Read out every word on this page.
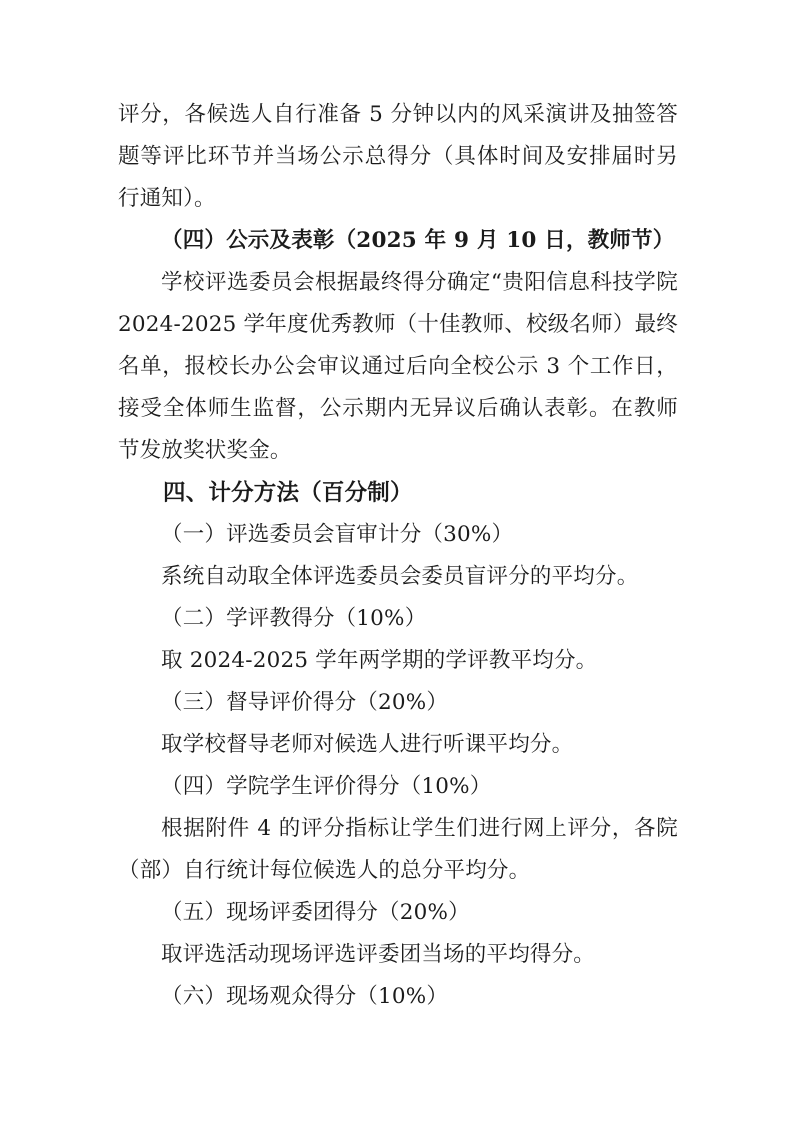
评分，各候选人自行准备 5 分钟以内的风采演讲及抽签答题等评比环节并当场公示总得分（具体时间及安排届时另行通知）。

（四）公示及表彰（2025 年 9 月 10 日，教师节）

学校评选委员会根据最终得分确定“贵阳信息科技学院 2024-2025 学年度优秀教师（十佳教师、校级名师）最终名单，报校长办公会审议通过后向全校公示 3 个工作日，接受全体师生监督，公示期内无异议后确认表彰。在教师节发放奖状奖金。

四、计分方法（百分制）

（一）评选委员会盲审计分（30%）

系统自动取全体评选委员会委员盲评分的平均分。

（二）学评教得分（10%）

取 2024-2025 学年两学期的学评教平均分。

（三）督导评价得分（20%）

取学校督导老师对候选人进行听课平均分。

（四）学院学生评价得分（10%）

根据附件 4 的评分指标让学生们进行网上评分，各院（部）自行统计每位候选人的总分平均分。

（五）现场评委团得分（20%）

取评选活动现场评选评委团当场的平均得分。

（六）现场观众得分（10%）
